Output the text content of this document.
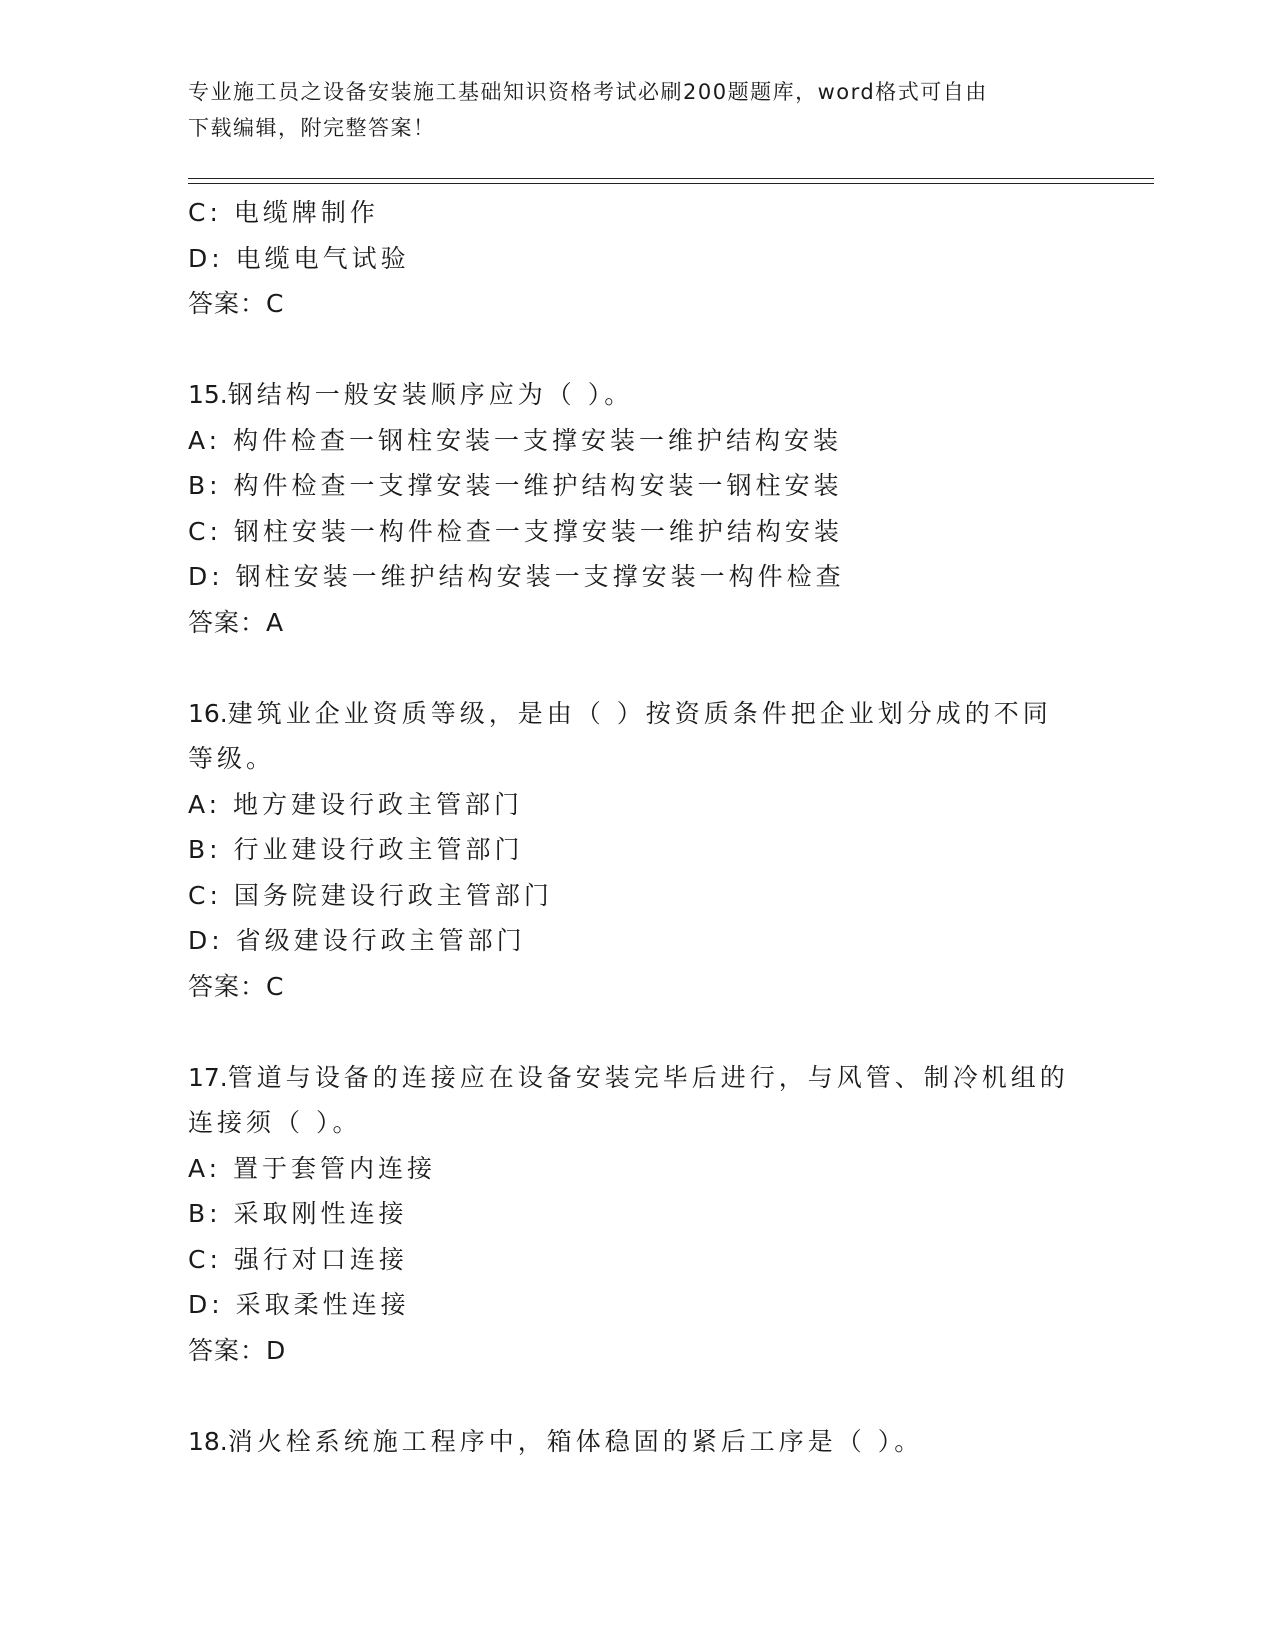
专业施工员之设备安装施工基础知识资格考试必刷200题题库，word格式可自由
下载编辑，附完整答案！
C: 电缆牌制作
D: 电缆电气试验
答案：C
15.钢结构一般安装顺序应为（ ）。
A: 构件检查一钢柱安装一支撑安装一维护结构安装
B: 构件检查一支撑安装一维护结构安装一钢柱安装
C: 钢柱安装一构件检查一支撑安装一维护结构安装
D: 钢柱安装一维护结构安装一支撑安装一构件检查
答案：A
16.建筑业企业资质等级，是由（ ）按资质条件把企业划分成的不同
等级。
A: 地方建设行政主管部门
B: 行业建设行政主管部门
C: 国务院建设行政主管部门
D: 省级建设行政主管部门
答案：C
17.管道与设备的连接应在设备安装完毕后进行，与风管、制冷机组的
连接须（ ）。
A: 置于套管内连接
B: 采取刚性连接
C: 强行对口连接
D: 采取柔性连接
答案：D
18.消火栓系统施工程序中，箱体稳固的紧后工序是（ ）。
